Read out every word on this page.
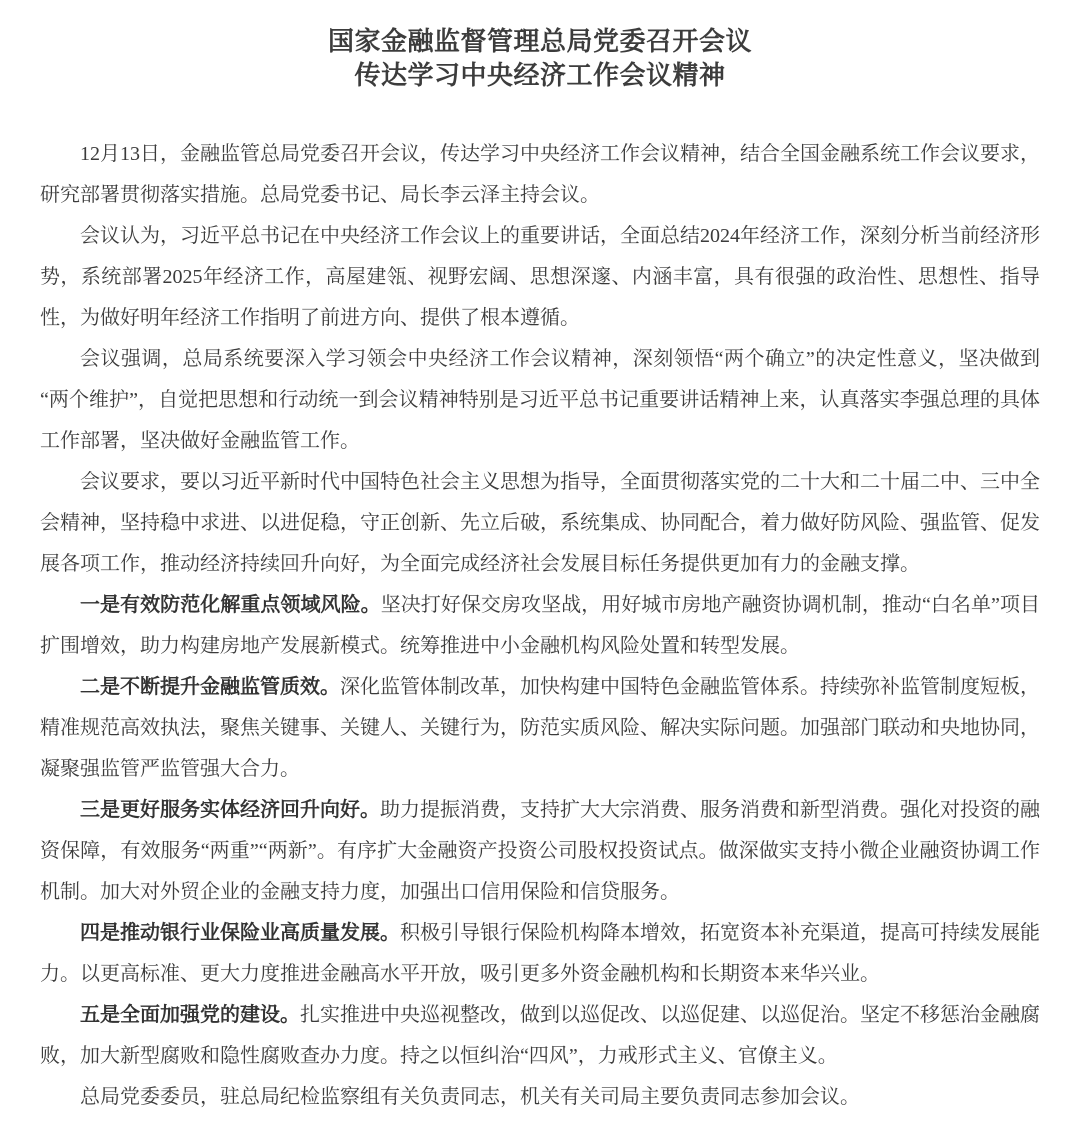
国家金融监督管理总局党委召开会议
传达学习中央经济工作会议精神

12月13日，金融监管总局党委召开会议，传达学习中央经济工作会议精神，结合全国金融系统工作会议要求，研究部署贯彻落实措施。总局党委书记、局长李云泽主持会议。

会议认为，习近平总书记在中央经济工作会议上的重要讲话，全面总结2024年经济工作，深刻分析当前经济形势，系统部署2025年经济工作，高屋建瓴、视野宏阔、思想深邃、内涵丰富，具有很强的政治性、思想性、指导性，为做好明年经济工作指明了前进方向、提供了根本遵循。

会议强调，总局系统要深入学习领会中央经济工作会议精神，深刻领悟“两个确立”的决定性意义，坚决做到“两个维护”，自觉把思想和行动统一到会议精神特别是习近平总书记重要讲话精神上来，认真落实李强总理的具体工作部署，坚决做好金融监管工作。

会议要求，要以习近平新时代中国特色社会主义思想为指导，全面贯彻落实党的二十大和二十届二中、三中全会精神，坚持稳中求进、以进促稳，守正创新、先立后破，系统集成、协同配合，着力做好防风险、强监管、促发展各项工作，推动经济持续回升向好，为全面完成经济社会发展目标任务提供更加有力的金融支撑。

一是有效防范化解重点领域风险。坚决打好保交房攻坚战，用好城市房地产融资协调机制，推动“白名单”项目扩围增效，助力构建房地产发展新模式。统筹推进中小金融机构风险处置和转型发展。

二是不断提升金融监管质效。深化监管体制改革，加快构建中国特色金融监管体系。持续弥补监管制度短板，精准规范高效执法，聚焦关键事、关键人、关键行为，防范实质风险、解决实际问题。加强部门联动和央地协同，凝聚强监管严监管强大合力。

三是更好服务实体经济回升向好。助力提振消费，支持扩大大宗消费、服务消费和新型消费。强化对投资的融资保障，有效服务“两重”“两新”。有序扩大金融资产投资公司股权投资试点。做深做实支持小微企业融资协调工作机制。加大对外贸企业的金融支持力度，加强出口信用保险和信贷服务。

四是推动银行业保险业高质量发展。积极引导银行保险机构降本增效，拓宽资本补充渠道，提高可持续发展能力。以更高标准、更大力度推进金融高水平开放，吸引更多外资金融机构和长期资本来华兴业。

五是全面加强党的建设。扎实推进中央巡视整改，做到以巡促改、以巡促建、以巡促治。坚定不移惩治金融腐败，加大新型腐败和隐性腐败查办力度。持之以恒纠治“四风”，力戒形式主义、官僚主义。

总局党委委员，驻总局纪检监察组有关负责同志，机关有关司局主要负责同志参加会议。
